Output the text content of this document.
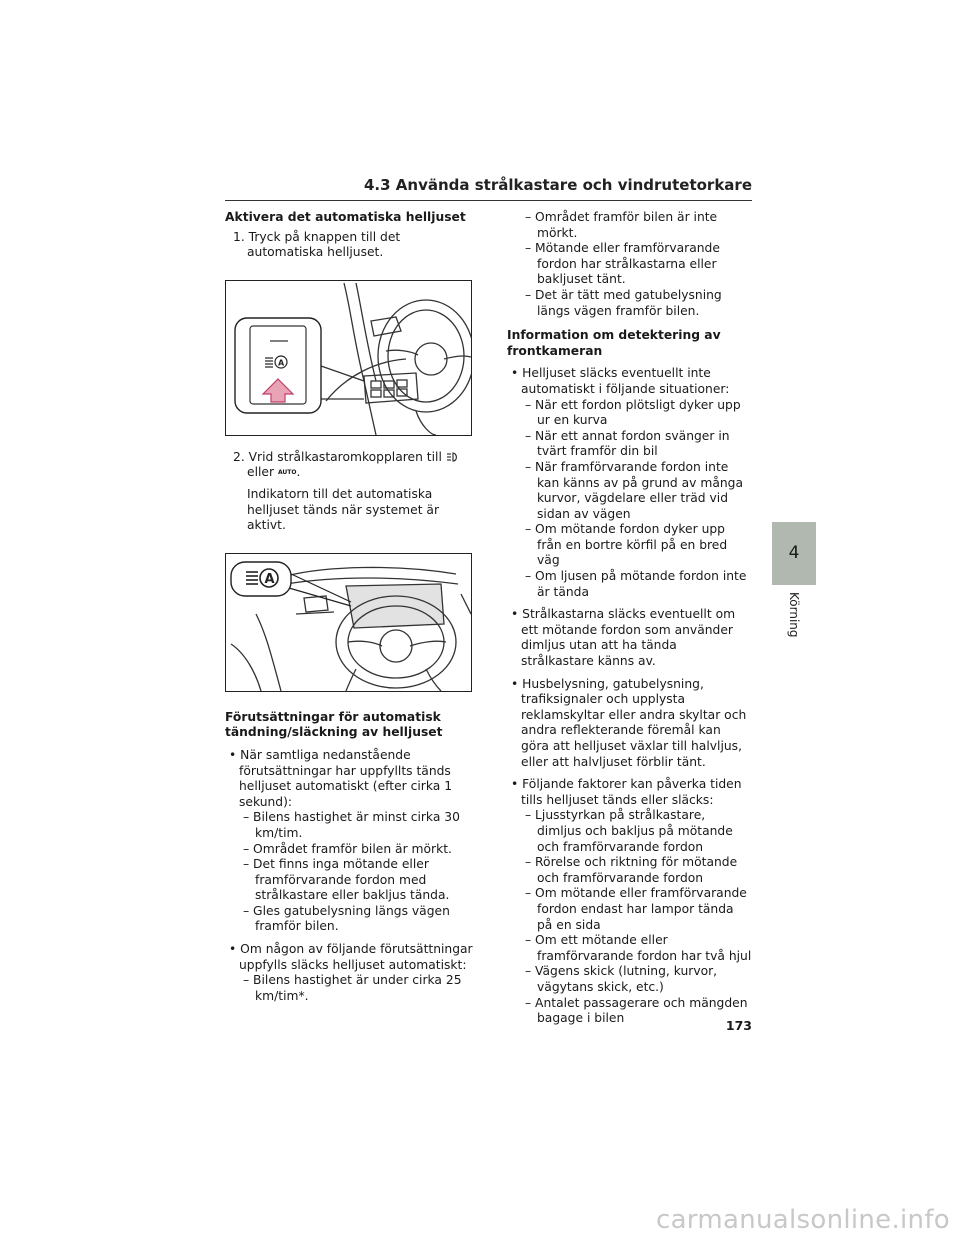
4.3 Använda strålkastare och vindrutetorkare

Aktivera det automatiska helljuset

1. Tryck på knappen till det automatiska helljuset.

A

2. Vrid strålkastaromkopplaren till

eller $^{AUTO}$.

Indikatorn till det automatiska helljuset tänds när systemet är aktivt.

A

Förutsättningar för automatisk tändning/släckning av helljuset

• När samtliga nedanstående förutsättningar har uppfyllts tänds helljuset automatiskt (efter cirka 1 sekund):

– Bilens hastighet är minst cirka 30 km/tim.

– Området framför bilen är mörkt.

– Det finns inga mötande eller framförvarande fordon med strålkastare eller bakljus tända.

– Gles gatubelysning längs vägen framför bilen.

• Om någon av följande förutsättningar uppfylls släcks helljuset automatiskt:

– Bilens hastighet är under cirka 25 km/tim*.

– Området framför bilen är inte mörkt.

– Mötande eller framförvarande fordon har strålkastarna eller bakljuset tänt.

– Det är tätt med gatubelysning längs vägen framför bilen.

Information om detektering av frontkameran

• Helljuset släcks eventuellt inte automatiskt i följande situationer:

– När ett fordon plötsligt dyker upp ur en kurva

– När ett annat fordon svänger in tvärt framför din bil

– När framförvarande fordon inte kan känns av på grund av många kurvor, vägdelare eller träd vid sidan av vägen

– Om mötande fordon dyker upp från en bortre körfil på en bred väg

– Om ljusen på mötande fordon inte är tända

• Strålkastarna släcks eventuellt om ett mötande fordon som använder dimljus utan att ha tända strålkastare känns av.

• Husbelysning, gatubelysning, trafiksignaler och upplysta reklamskyltar eller andra skyltar och andra reflekterande föremål kan göra att helljuset växlar till halvljus, eller att halvljuset förblir tänt.

• Följande faktorer kan påverka tiden tills helljuset tänds eller släcks:

– Ljusstyrkan på strålkastare, dimljus och bakljus på mötande och framförvarande fordon

– Rörelse och riktning för mötande och framförvarande fordon

– Om mötande eller framförvarande fordon endast har lampor tända på en sida

– Om ett mötande eller framförvarande fordon har två hjul

– Vägens skick (lutning, kurvor, vägytans skick, etc.)

– Antalet passagerare och mängden bagage i bilen

4
Körning
173
carmanualsonline.info
